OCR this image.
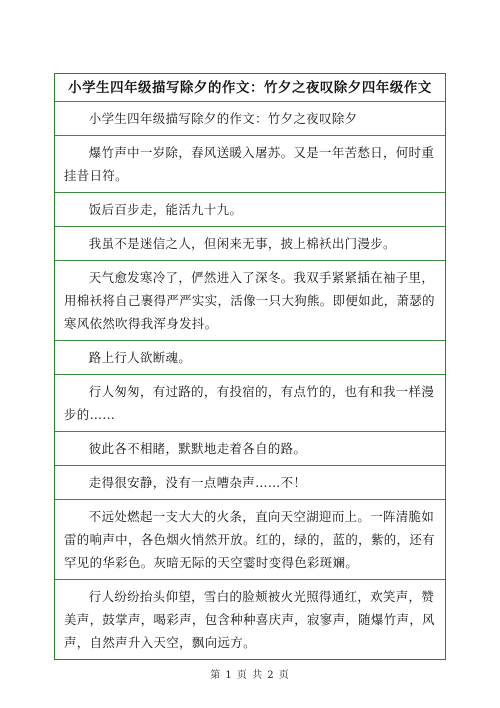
小学生四年级描写除夕的作文：竹夕之夜叹除夕四年级作文
小学生四年级描写除夕的作文：竹夕之夜叹除夕
爆竹声中一岁除，春风送暖入屠苏。又是一年苦愁日，何时重挂昔日符。
饭后百步走，能活九十九。
我虽不是迷信之人，但闲来无事，披上棉袄出门漫步。
天气愈发寒冷了，俨然进入了深冬。我双手紧紧插在袖子里，用棉袄将自己裹得严严实实，活像一只大狗熊。即便如此，萧瑟的寒风依然吹得我浑身发抖。
路上行人欲断魂。
行人匆匆，有过路的，有投宿的，有点竹的，也有和我一样漫步的……
彼此各不相睹，默默地走着各自的路。
走得很安静，没有一点嘈杂声……不！
不远处燃起一支大大的火条，直向天空湖迎而上。一阵清脆如雷的响声中，各色烟火悄然开放。红的，绿的，蓝的，紫的，还有罕见的华彩色。灰暗无际的天空霎时变得色彩斑斓。
行人纷纷抬头仰望，雪白的脸颊被火光照得通红，欢笑声，赞美声，鼓掌声，喝彩声，包含种种喜庆声，寂寥声，随爆竹声，风声，自然声升入天空，飘向远方。
第 1 页 共 2 页
